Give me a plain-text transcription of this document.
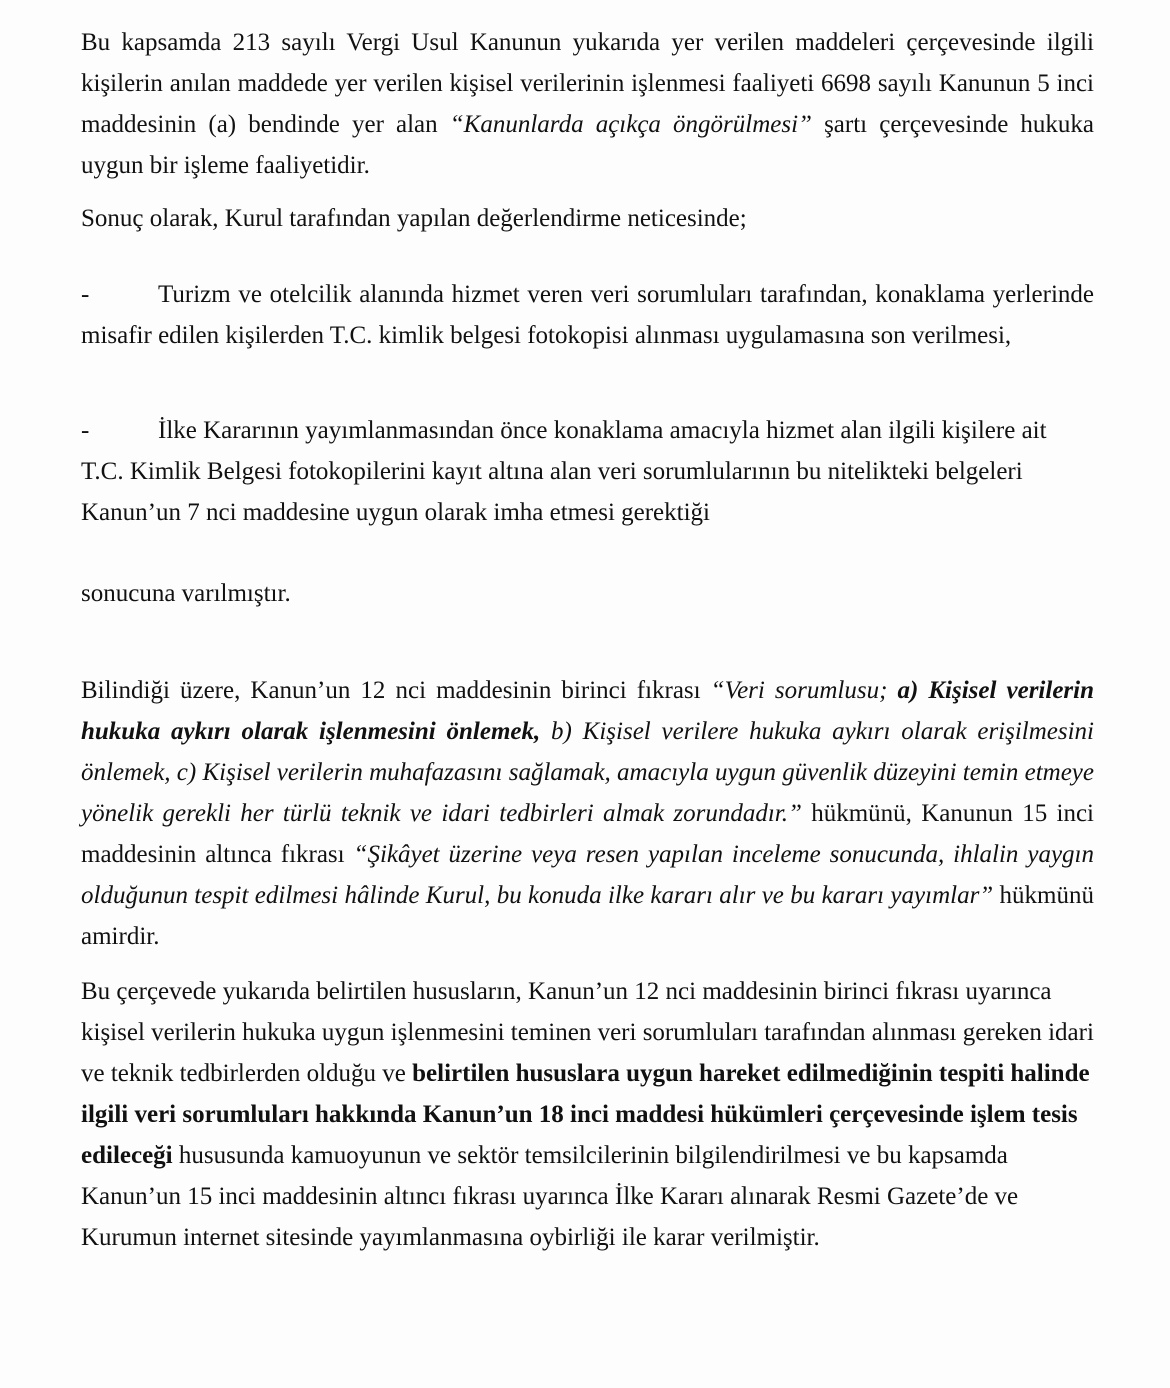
Bu kapsamda 213 sayılı Vergi Usul Kanunun yukarıda yer verilen maddeleri çerçevesinde ilgili kişilerin anılan maddede yer verilen kişisel verilerinin işlenmesi faaliyeti 6698 sayılı Kanunun 5 inci maddesinin (a) bendinde yer alan “Kanunlarda açıkça öngörülmesi” şartı çerçevesinde hukuka uygun bir işleme faaliyetidir.

Sonuç olarak, Kurul tarafından yapılan değerlendirme neticesinde;

-	Turizm ve otelcilik alanında hizmet veren veri sorumluları tarafından, konaklama yerlerinde misafir edilen kişilerden T.C. kimlik belgesi fotokopisi alınması uygulamasına son verilmesi,

-	İlke Kararının yayımlanmasından önce konaklama amacıyla hizmet alan ilgili kişilere ait T.C. Kimlik Belgesi fotokopilerini kayıt altına alan veri sorumlularının bu nitelikteki belgeleri Kanun’un 7 nci maddesine uygun olarak imha etmesi gerektiği

sonucuna varılmıştır.

Bilindiği üzere, Kanun’un 12 nci maddesinin birinci fıkrası “Veri sorumlusu; a) Kişisel verilerin hukuka aykırı olarak işlenmesini önlemek, b) Kişisel verilere hukuka aykırı olarak erişilmesini önlemek, c) Kişisel verilerin muhafazasını sağlamak, amacıyla uygun güvenlik düzeyini temin etmeye yönelik gerekli her türlü teknik ve idari tedbirleri almak zorundadır.” hükmünü, Kanunun 15 inci maddesinin altınca fıkrası “Şikâyet üzerine veya resen yapılan inceleme sonucunda, ihlalin yaygın olduğunun tespit edilmesi hâlinde Kurul, bu konuda ilke kararı alır ve bu kararı yayımlar” hükmünü amirdir.

Bu çerçevede yukarıda belirtilen hususların, Kanun’un 12 nci maddesinin birinci fıkrası uyarınca kişisel verilerin hukuka uygun işlenmesini teminen veri sorumluları tarafından alınması gereken idari ve teknik tedbirlerden olduğu ve belirtilen hususlara uygun hareket edilmediğinin tespiti halinde ilgili veri sorumluları hakkında Kanun’un 18 inci maddesi hükümleri çerçevesinde işlem tesis edileceği hususunda kamuoyunun ve sektör temsilcilerinin bilgilendirilmesi ve bu kapsamda Kanun’un 15 inci maddesinin altıncı fıkrası uyarınca İlke Kararı alınarak Resmi Gazete’de ve Kurumun internet sitesinde yayımlanmasına oybirliği ile karar verilmiştir.
